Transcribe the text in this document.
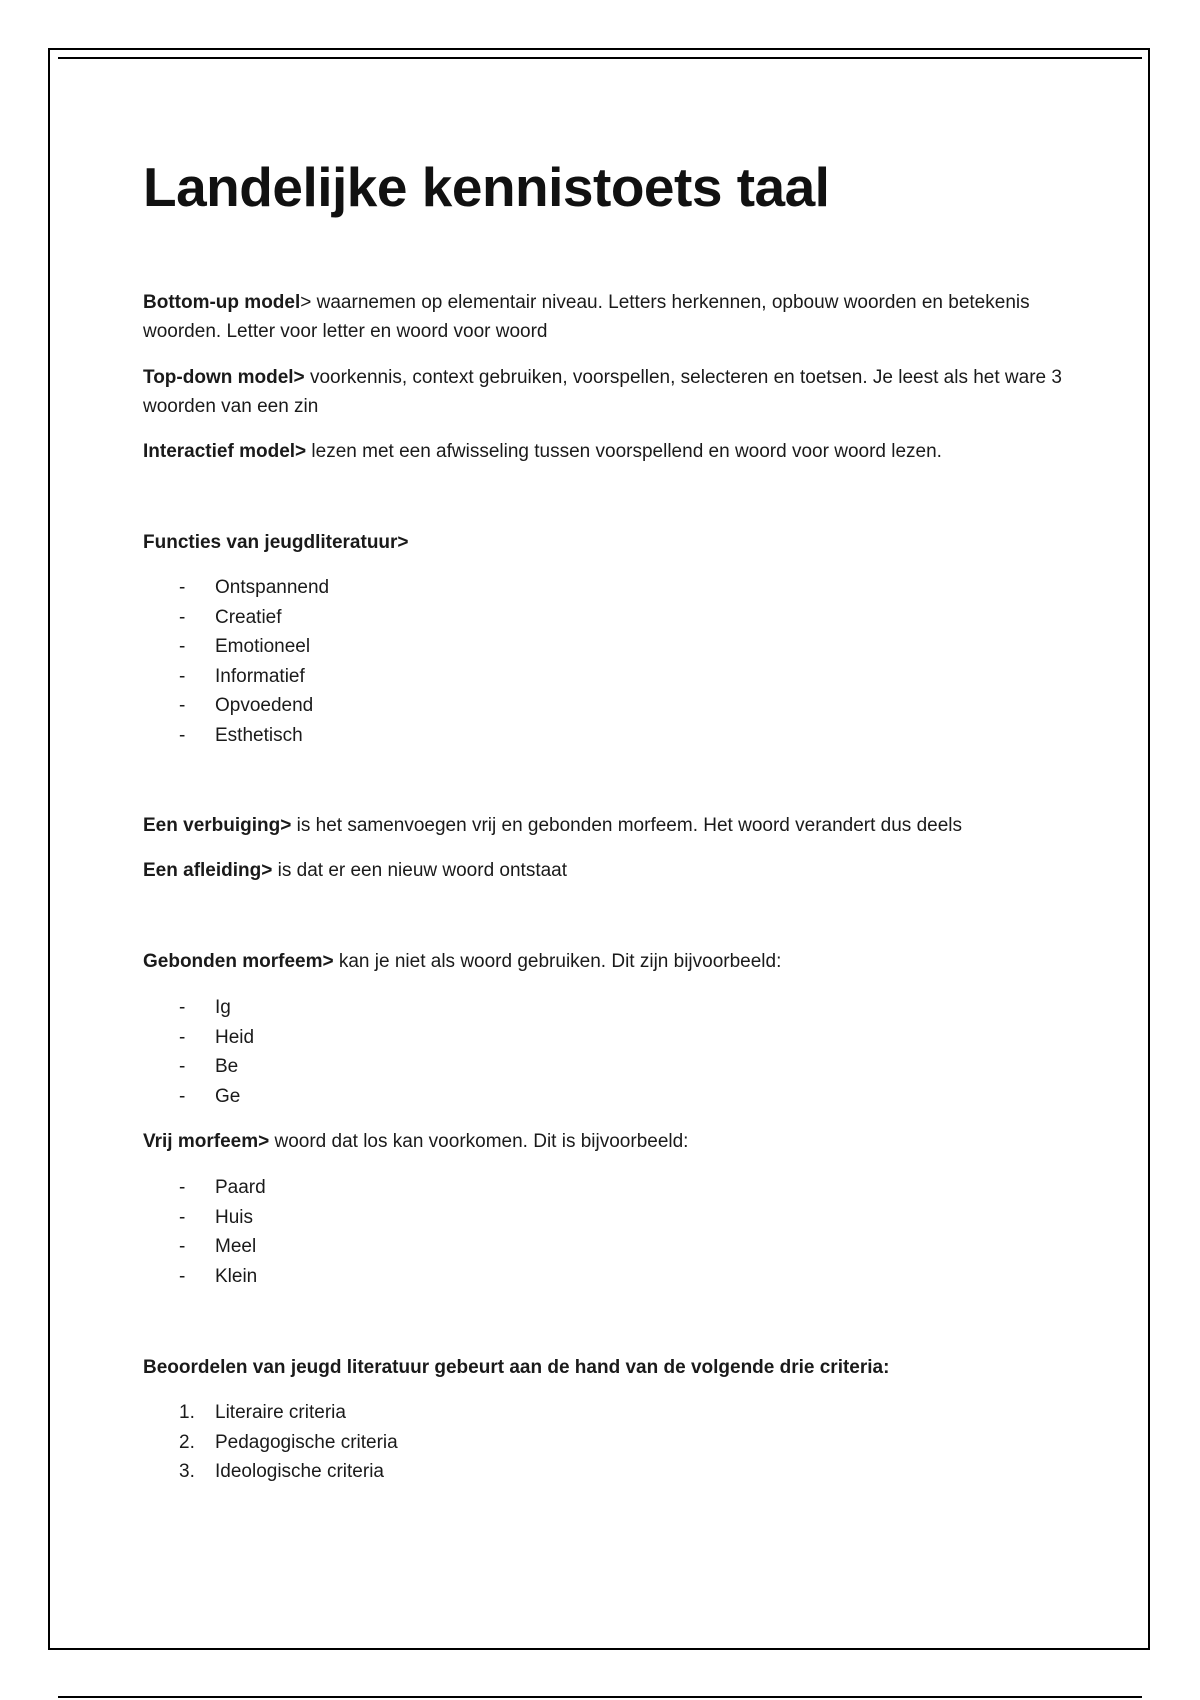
Landelijke kennistoets taal

Bottom-up model> waarnemen op elementair niveau. Letters herkennen, opbouw woorden en betekenis woorden. Letter voor letter en woord voor woord

Top-down model> voorkennis, context gebruiken, voorspellen, selecteren en toetsen. Je leest als het ware 3 woorden van een zin

Interactief model> lezen met een afwisseling tussen voorspellend en woord voor woord lezen.

Functies van jeugdliteratuur>

-	Ontspannend
-	Creatief
-	Emotioneel
-	Informatief
-	Opvoedend
-	Esthetisch

Een verbuiging> is het samenvoegen vrij en gebonden morfeem. Het woord verandert dus deels

Een afleiding> is dat er een nieuw woord ontstaat

Gebonden morfeem> kan je niet als woord gebruiken. Dit zijn bijvoorbeeld:

-	Ig
-	Heid
-	Be
-	Ge

Vrij morfeem> woord dat los kan voorkomen. Dit is bijvoorbeeld:

-	Paard
-	Huis
-	Meel
-	Klein

Beoordelen van jeugd literatuur gebeurt aan de hand van de volgende drie criteria:

1.	Literaire criteria
2.	Pedagogische criteria
3.	Ideologische criteria
